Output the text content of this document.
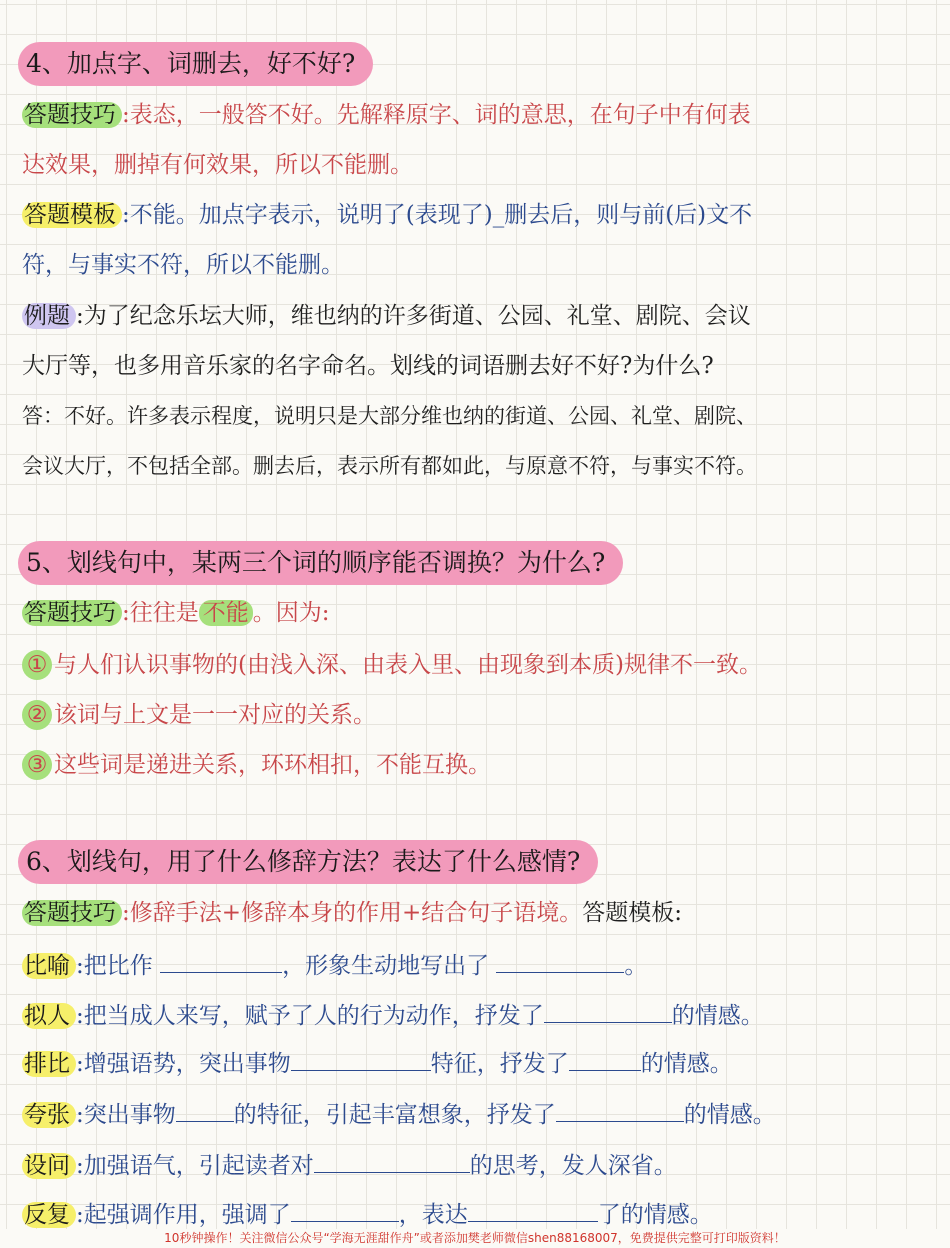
4、加点字、词删去，好不好?
答题技巧 :表态，一般答不好。先解释原字、词的意思，在句子中有何表
达效果，删掉有何效果，所以不能删。
答题模板 :不能。加点字表示，说明了(表现了)_删去后，则与前(后)文不
符，与事实不符，所以不能删。
例题 :为了纪念乐坛大师，维也纳的许多街道、公园、礼堂、剧院、会议
大厅等，也多用音乐家的名字命名。划线的词语删去好不好?为什么?
答：不好。许多表示程度，说明只是大部分维也纳的街道、公园、礼堂、剧院、
会议大厅，不包括全部。删去后，表示所有都如此，与原意不符，与事实不符。
5、划线句中，某两三个词的顺序能否调换？为什么?
答题技巧 :往往是 不能 。因为:
① 与人们认识事物的(由浅入深、由表入里、由现象到本质)规律不一致。
② 该词与上文是一一对应的关系。
③ 这些词是递进关系，环环相扣，不能互换。
6、划线句，用了什么修辞方法？表达了什么感情?
答题技巧 :修辞手法+修辞本身的作用+结合句子语境。答题模板:
比喻 :把比作	，形象生动地写出了	。
拟人 :把当成人来写，赋予了人的行为动作，抒发了	的情感。
排比 :增强语势，突出事物	特征，抒发了	的情感。
夸张 :突出事物	的特征，引起丰富想象，抒发了	的情感。
设问 :加强语气，引起读者对	的思考，发人深省。
反复 :起强调作用，强调了	，表达	了的情感。
10秒钟操作！关注微信公众号“学海无涯甜作舟”或者添加樊老师微信shen88168007，免费提供完整可打印版资料！
